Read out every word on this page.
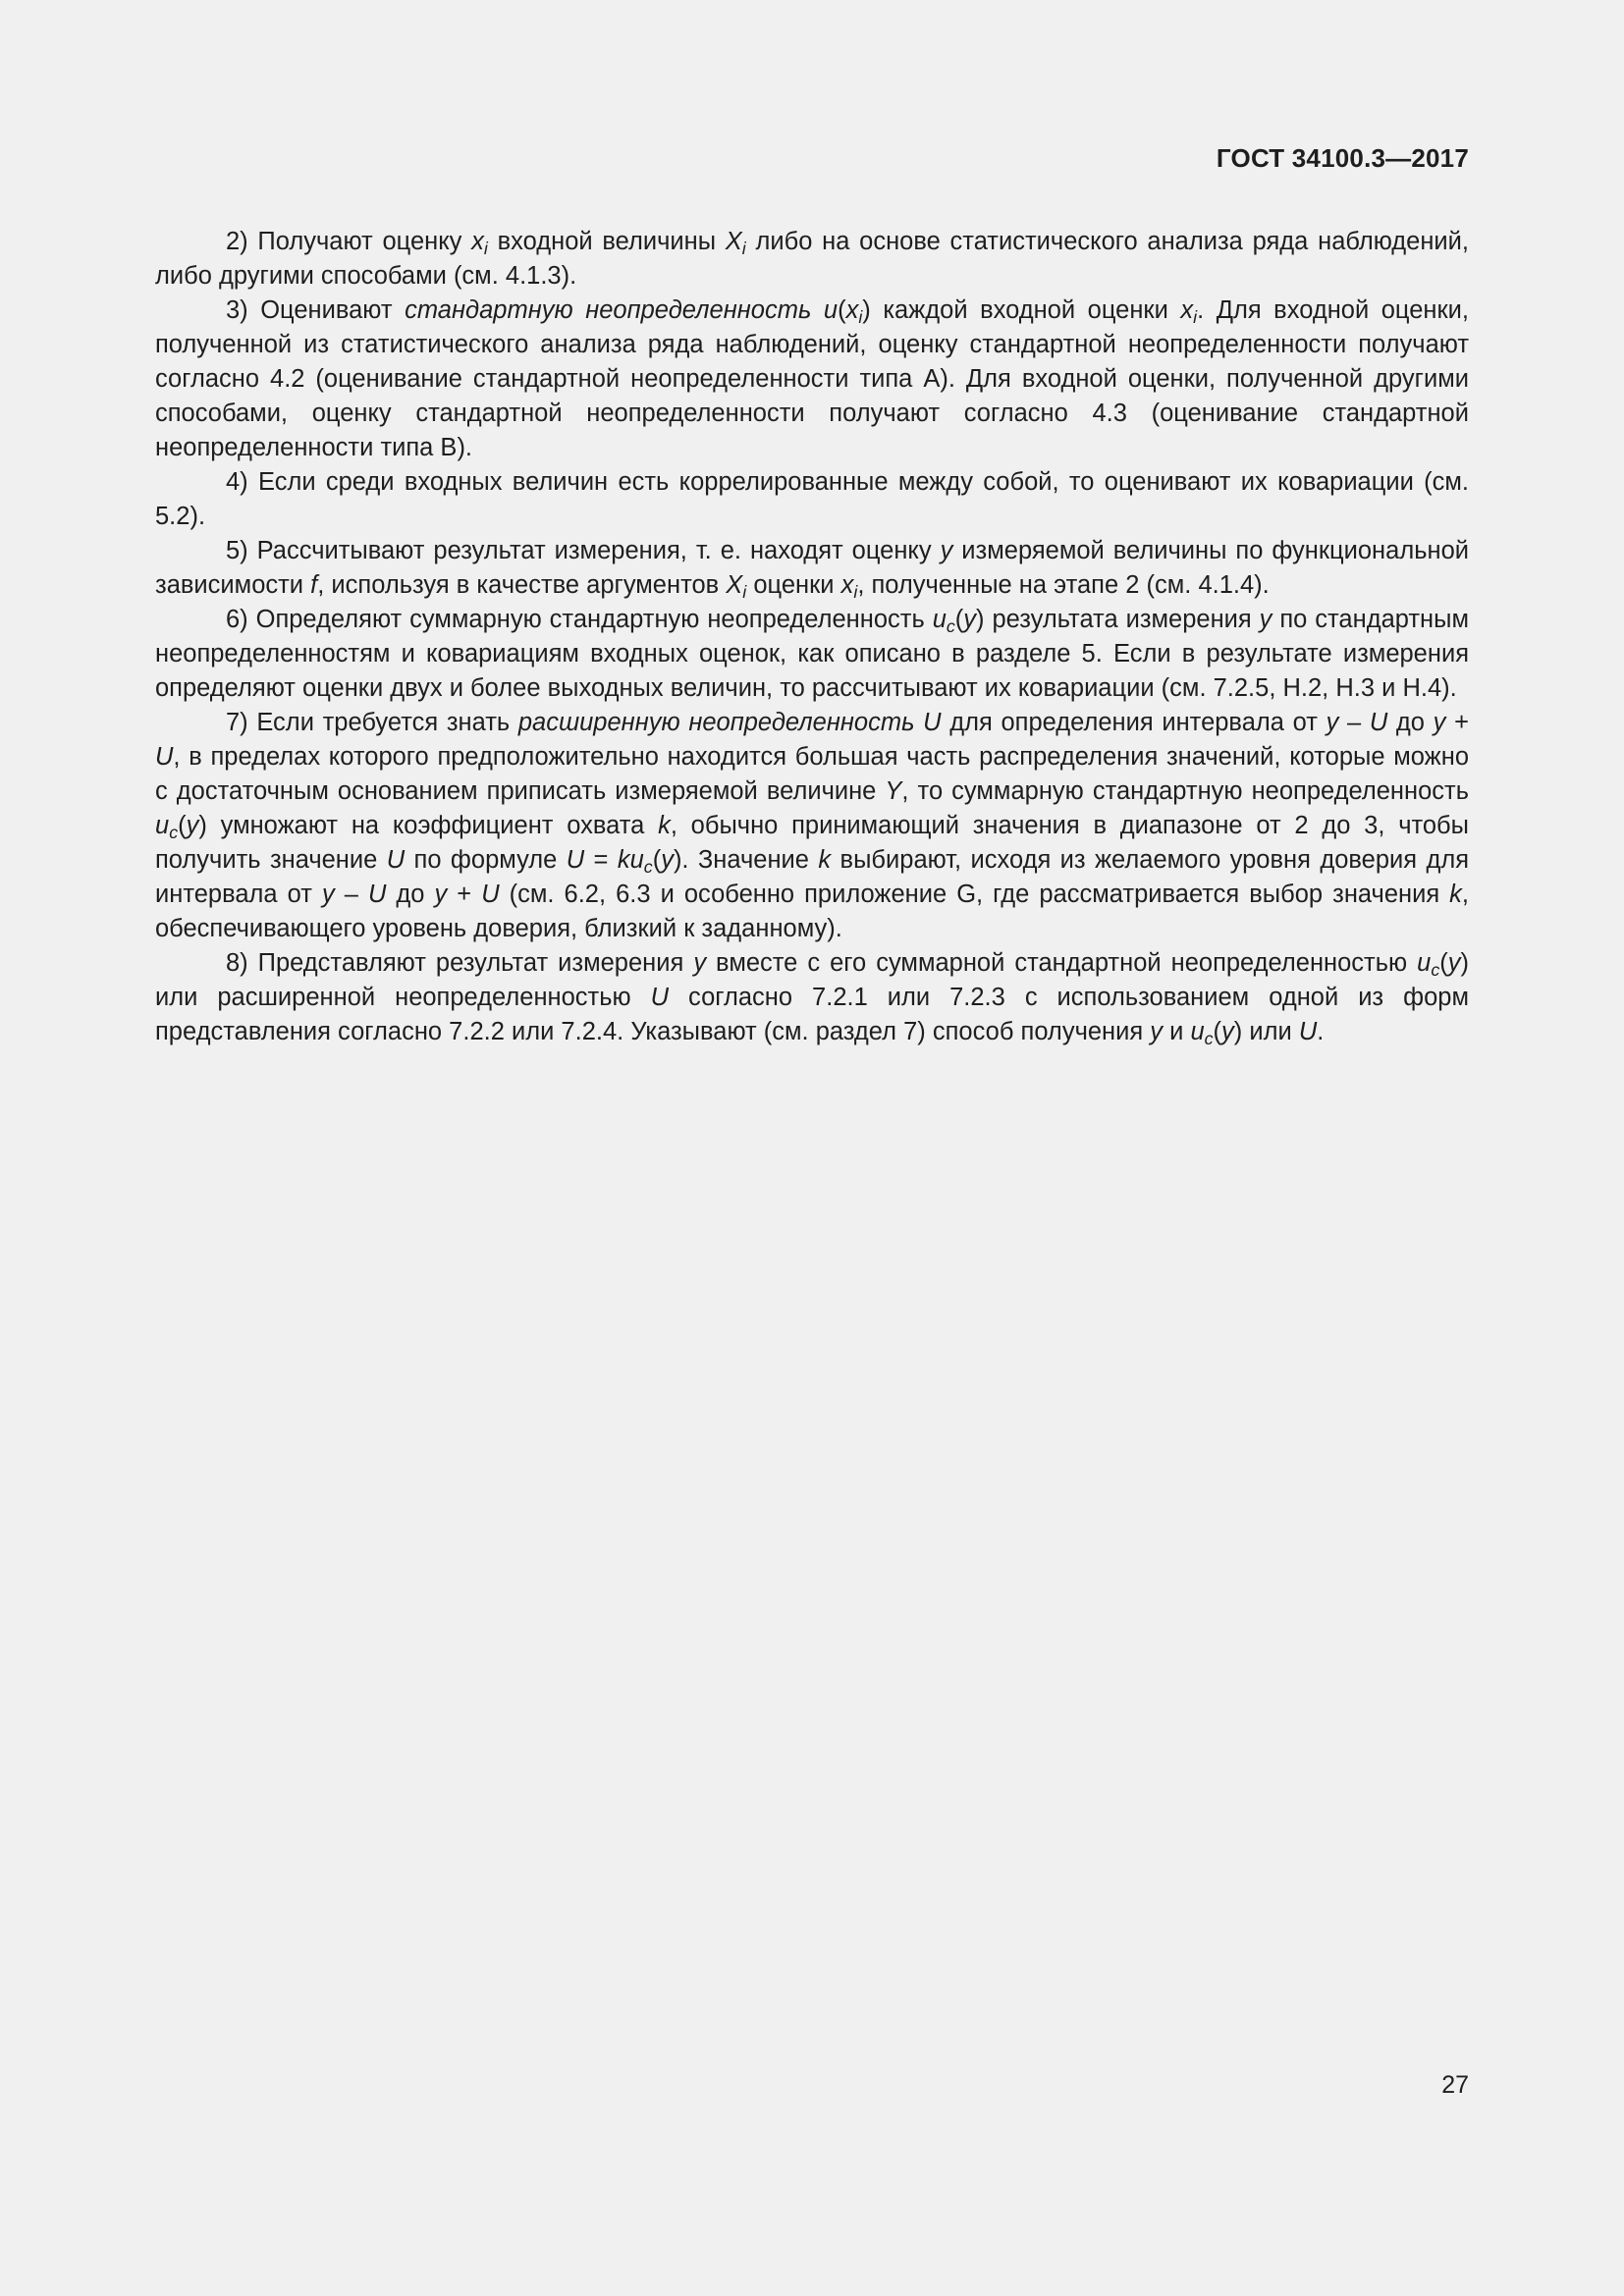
ГОСТ 34100.3—2017

2) Получают оценку $x_i$ входной величины $X_i$ либо на основе статистического анализа ряда наблюдений, либо другими способами (см. 4.1.3).

3) Оценивают стандартную неопределенность $u(x_i)$ каждой входной оценки $x_i$. Для входной оценки, полученной из статистического анализа ряда наблюдений, оценку стандартной неопределенности получают согласно 4.2 (оценивание стандартной неопределенности типа А). Для входной оценки, полученной другими способами, оценку стандартной неопределенности получают согласно 4.3 (оценивание стандартной неопределенности типа В).

4) Если среди входных величин есть коррелированные между собой, то оценивают их ковариации (см. 5.2).

5) Рассчитывают результат измерения, т. е. находят оценку y измеряемой величины по функциональной зависимости f, используя в качестве аргументов $X_i$ оценки $x_i$, полученные на этапе 2 (см. 4.1.4).

6) Определяют суммарную стандартную неопределенность $u_c(y)$ результата измерения y по стандартным неопределенностям и ковариациям входных оценок, как описано в разделе 5. Если в результате измерения определяют оценки двух и более выходных величин, то рассчитывают их ковариации (см. 7.2.5, Н.2, Н.3 и Н.4).

7) Если требуется знать расширенную неопределенность U для определения интервала от y – U до y + U, в пределах которого предположительно находится большая часть распределения значений, которые можно с достаточным основанием приписать измеряемой величине Y, то суммарную стандартную неопределенность $u_c(y)$ умножают на коэффициент охвата k, обычно принимающий значения в диапазоне от 2 до 3, чтобы получить значение U по формуле $U = ku_c(y)$. Значение k выбирают, исходя из желаемого уровня доверия для интервала от y – U до y + U (см. 6.2, 6.3 и особенно приложение G, где рассматривается выбор значения k, обеспечивающего уровень доверия, близкий к заданному).

8) Представляют результат измерения y вместе с его суммарной стандартной неопределенностью $u_c(y)$ или расширенной неопределенностью U согласно 7.2.1 или 7.2.3 с использованием одной из форм представления согласно 7.2.2 или 7.2.4. Указывают (см. раздел 7) способ получения y и $u_c(y)$ или U.

27
